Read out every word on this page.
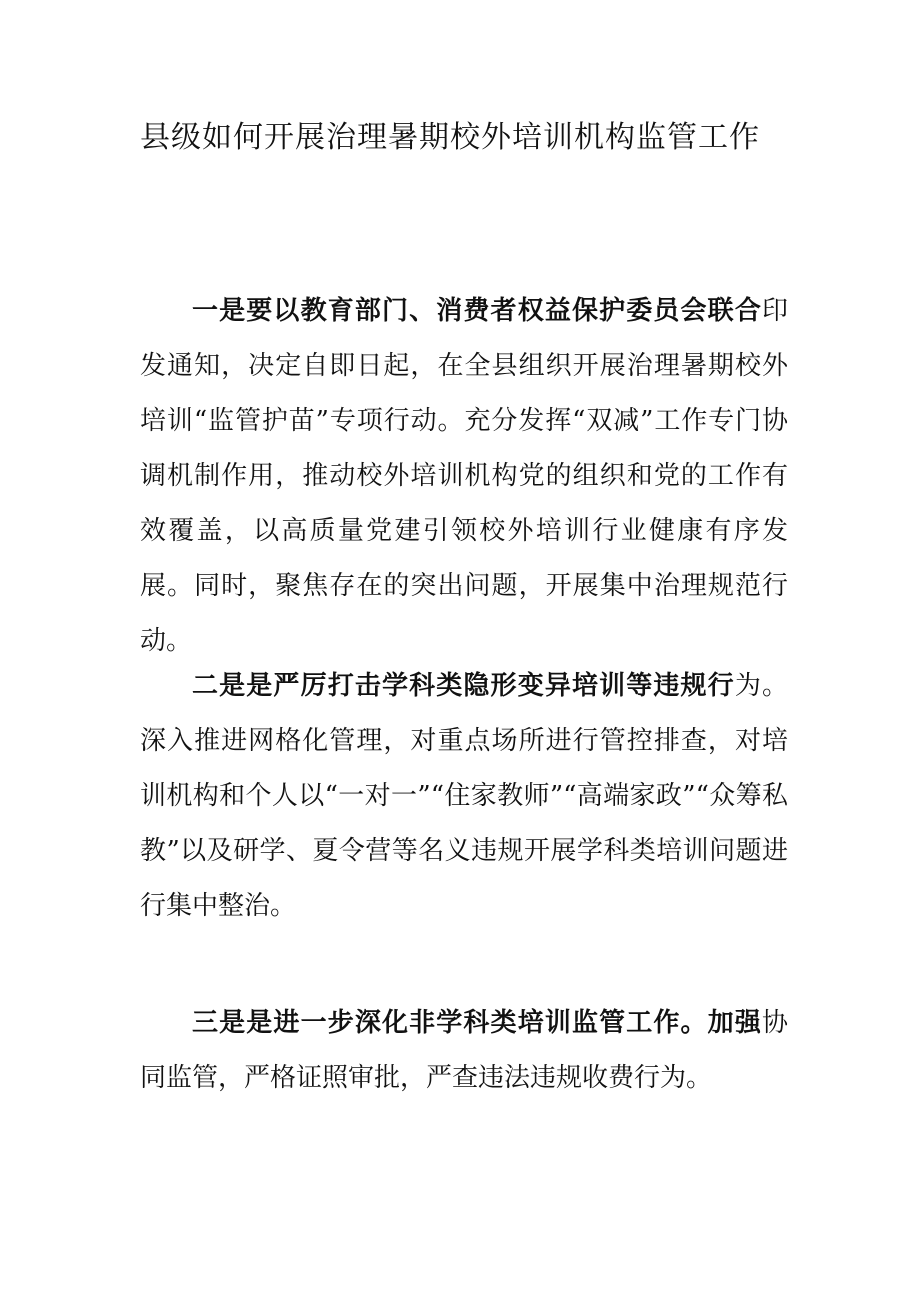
县级如何开展治理暑期校外培训机构监管工作

一是要以教育部门、消费者权益保护委员会联合印发通知，决定自即日起，在全县组织开展治理暑期校外培训“监管护苗”专项行动。充分发挥“双减”工作专门协调机制作用，推动校外培训机构党的组织和党的工作有效覆盖，以高质量党建引领校外培训行业健康有序发展。同时，聚焦存在的突出问题，开展集中治理规范行动。

二是是严厉打击学科类隐形变异培训等违规行为。深入推进网格化管理，对重点场所进行管控排查，对培训机构和个人以“一对一”“住家教师”“高端家政”“众筹私教”以及研学、夏令营等名义违规开展学科类培训问题进行集中整治。

三是是进一步深化非学科类培训监管工作。加强协同监管，严格证照审批，严查违法违规收费行为。
